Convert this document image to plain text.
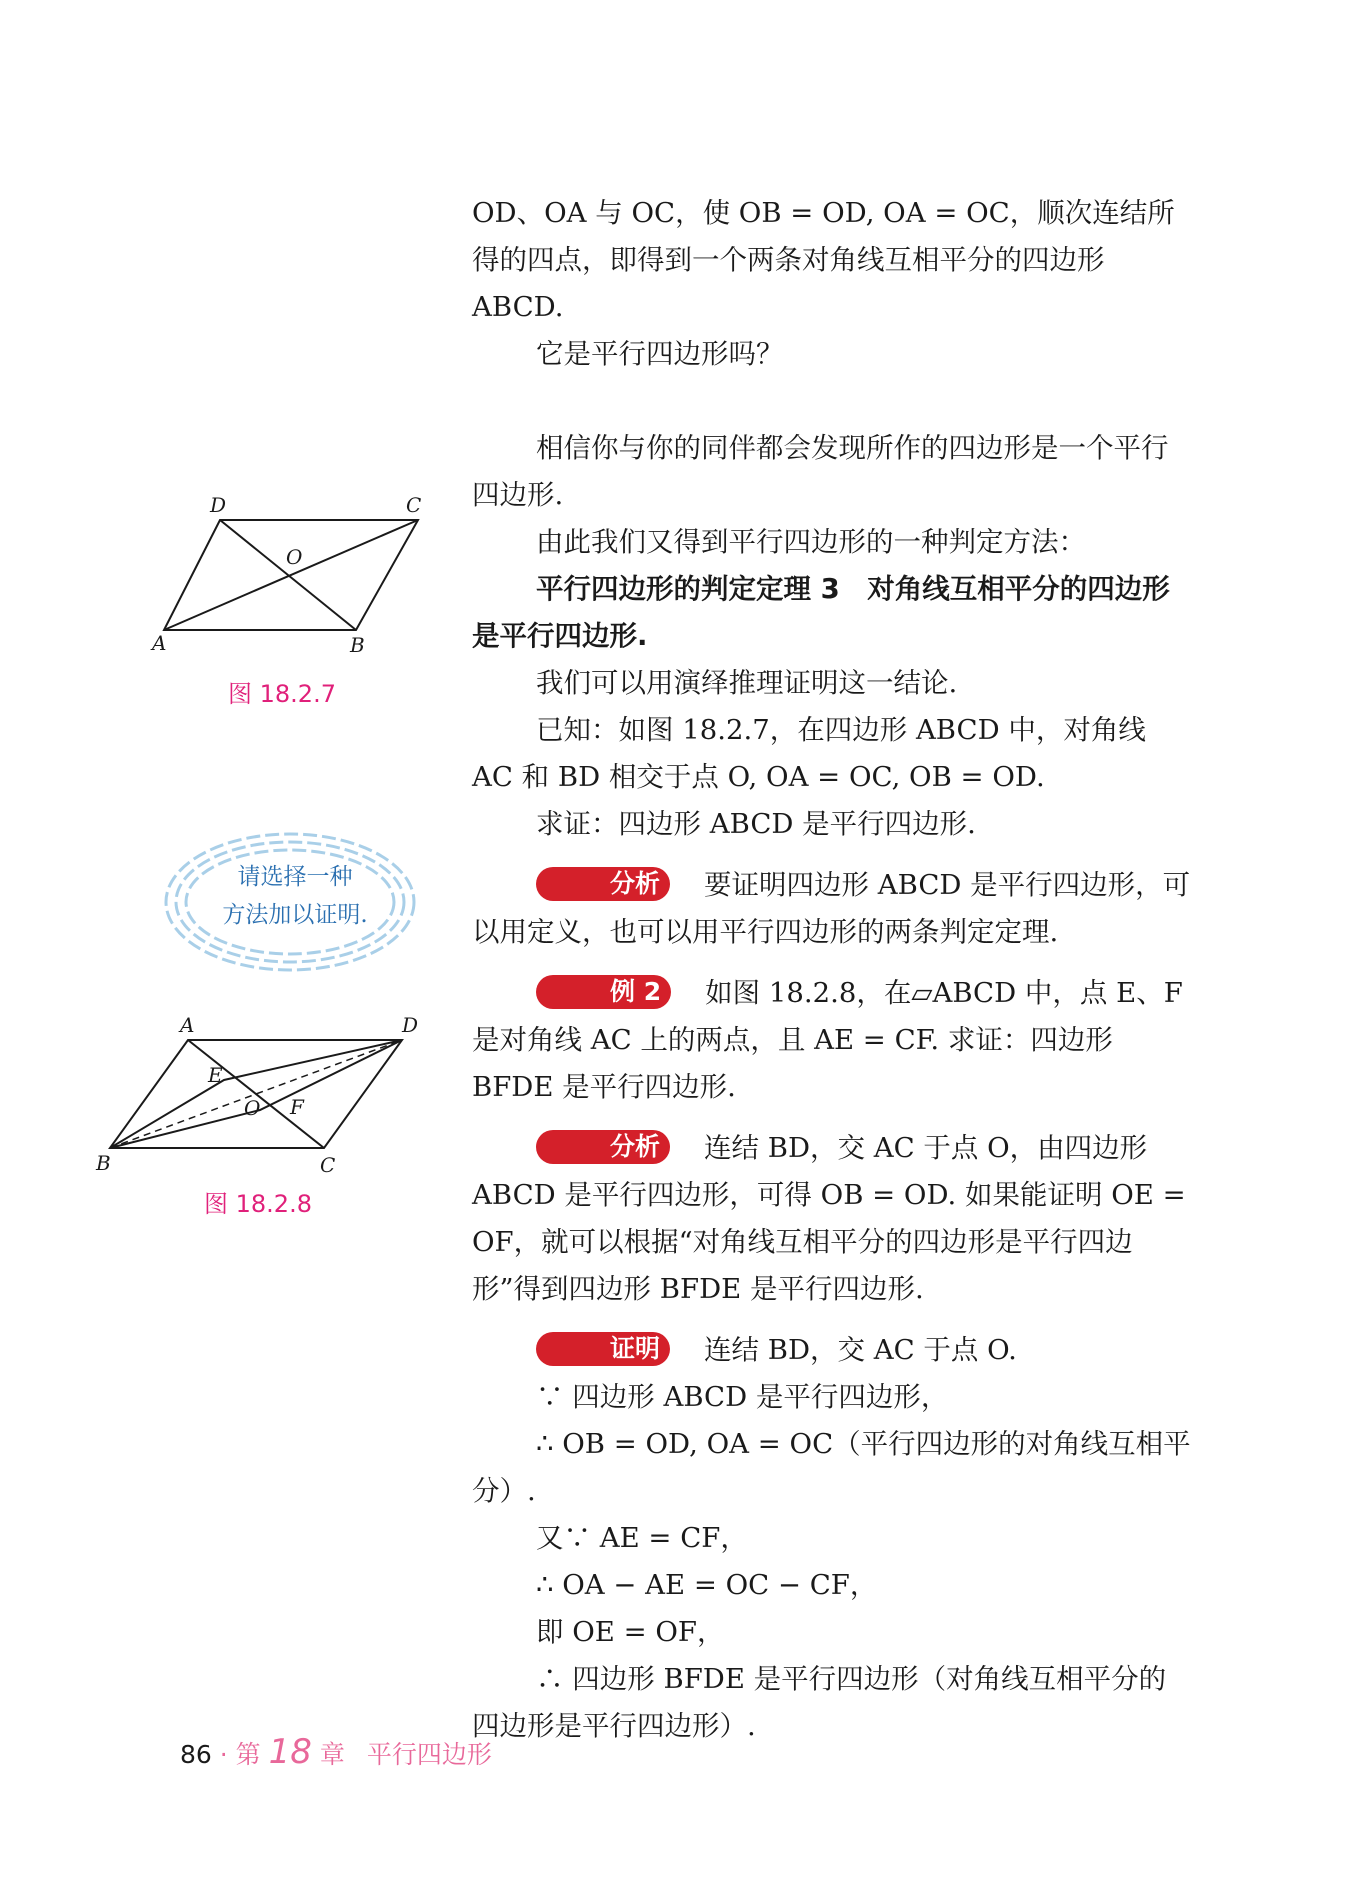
OD、OA 与 OC，使 OB = OD, OA = OC，顺次连结所得的四点，即得到一个两条对角线互相平分的四边形 ABCD.

它是平行四边形吗？

相信你与你的同伴都会发现所作的四边形是一个平行四边形.

由此我们又得到平行四边形的一种判定方法：

平行四边形的判定定理 3　对角线互相平分的四边形是平行四边形.

我们可以用演绎推理证明这一结论.

已知：如图 18.2.7，在四边形 ABCD 中，对角线 AC 和 BD 相交于点 O, OA = OC, OB = OD.

求证：四边形 ABCD 是平行四边形.

分析 要证明四边形 ABCD 是平行四边形，可以用定义，也可以用平行四边形的两条判定定理.

例 2 如图 18.2.8，在▱ABCD 中，点 E、F 是对角线 AC 上的两点，且 AE = CF. 求证：四边形 BFDE 是平行四边形.

分析 连结 BD，交 AC 于点 O，由四边形 ABCD 是平行四边形，可得 OB = OD. 如果能证明 OE = OF，就可以根据“对角线互相平分的四边形是平行四边形”得到四边形 BFDE 是平行四边形.

证明 连结 BD，交 AC 于点 O.

∵ 四边形 ABCD 是平行四边形，

∴ OB = OD, OA = OC（平行四边形的对角线互相平分）.

又∵ AE = CF，

∴ OA − AE = OC − CF，

即 OE = OF，

∴ 四边形 BFDE 是平行四边形（对角线互相平分的四边形是平行四边形）.

A	B
C
D
O
图 18.2.7
请选择一种
方法加以证明.
A
B	C
D
E
O F
图 18.2.8
86 · 第 18 章 平行四边形
